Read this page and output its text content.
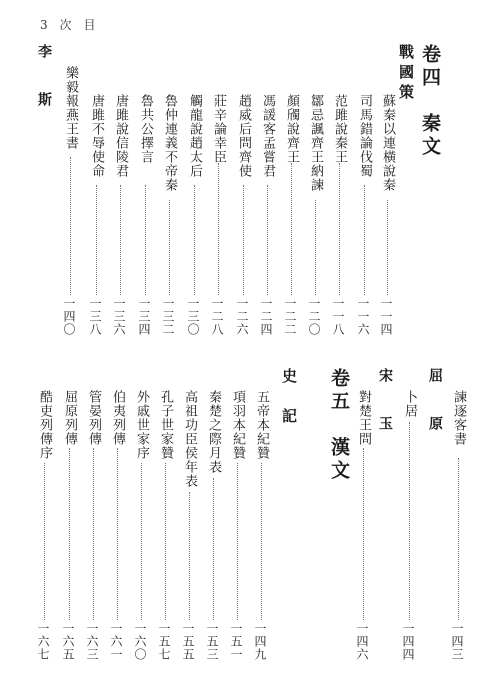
3 次　目
卷四　秦文
戰國策
蘇秦以連橫說秦
一一四
司馬錯論伐蜀
一一六
范雎說秦王
一一八
鄒忌諷齊王納諫
一二〇
顏斶說齊王
一二二
馮諼客孟嘗君
一二四
趙威后問齊使
一二六
莊辛論幸臣
一二八
觸龍說趙太后
一三〇
魯仲連義不帝秦
一三二
魯共公擇言
一三四
唐雎說信陵君
一三六
唐雎不辱使命
一三八
樂毅報燕王書
一四〇
李　斯
諫逐客書
一四三
屈　原
卜居
一四四
宋　玉
對楚王問
一四六
卷五　漢文
史　記
五帝本紀贊
一四九
項羽本紀贊
一五一
秦楚之際月表
一五三
高祖功臣侯年表
一五五
孔子世家贊
一五七
外戚世家序
一六〇
伯夷列傳
一六一
管晏列傳
一六三
屈原列傳
一六五
酷吏列傳序
一六七
